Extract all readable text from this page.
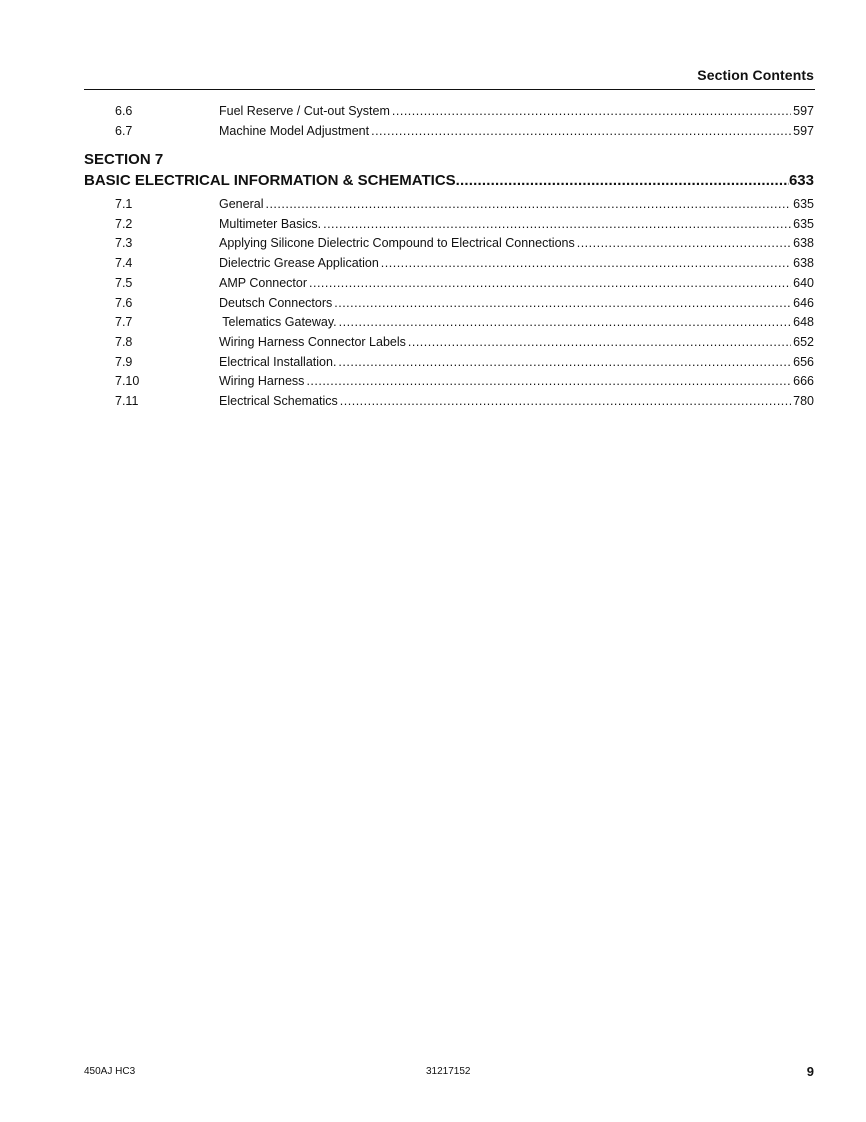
Section Contents
6.6	Fuel Reserve / Cut-out System .....	597
6.7	Machine Model Adjustment .....	597
SECTION 7
BASIC ELECTRICAL INFORMATION & SCHEMATICS .....	633
7.1	General .....	635
7.2	Multimeter Basics. .....	635
7.3	Applying Silicone Dielectric Compound to Electrical Connections .....	638
7.4	Dielectric Grease Application .....	638
7.5	AMP Connector .....	640
7.6	Deutsch Connectors .....	646
7.7	Telematics Gateway. .....	648
7.8	Wiring Harness Connector Labels .....	652
7.9	Electrical Installation. .....	656
7.10	Wiring Harness .....	666
7.11	Electrical Schematics .....	780
450AJ HC3	31217152	9
